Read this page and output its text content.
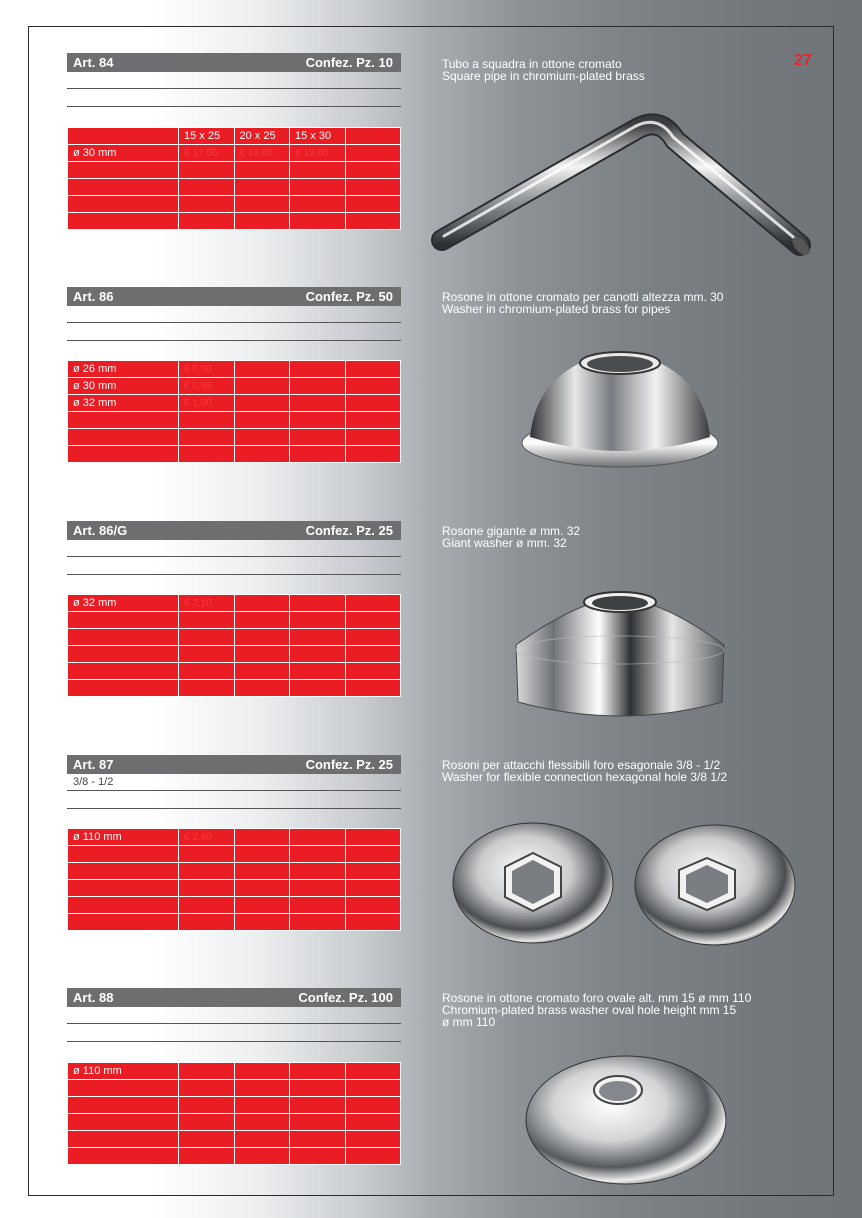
27
Art. 84	Confez. Pz. 10
	15 x 25	20 x 25	15 x 30	
ø 30 mm	€ 17,50	€ 18,00	€ 19,00	

Tubo a squadra in ottone cromato
Square pipe in chromium-plated brass
Art. 86	Confez. Pz. 50
ø 26 mm	€ 0,90			
ø 30 mm	€ 0,95			
ø 32 mm	€ 1,00			

Rosone in ottone cromato per canotti altezza mm. 30
Washer in chromium-plated brass for pipes
Art. 86/G	Confez. Pz. 25
ø 32 mm	€ 2,10			

Rosone gigante ø mm. 32
Giant washer ø mm. 32
Art. 87	Confez. Pz. 25
3/8 - 1/2
ø 110 mm	€ 2,80			

Rosoni per attacchi flessibili foro esagonale 3/8 - 1/2
Washer for flexible connection hexagonal hole 3/8 1/2
Art. 88	Confez. Pz. 100
ø 110 mm				

Rosone in ottone cromato foro ovale alt. mm 15 ø mm 110
Chromium-plated brass washer oval hole height mm 15
ø mm 110
